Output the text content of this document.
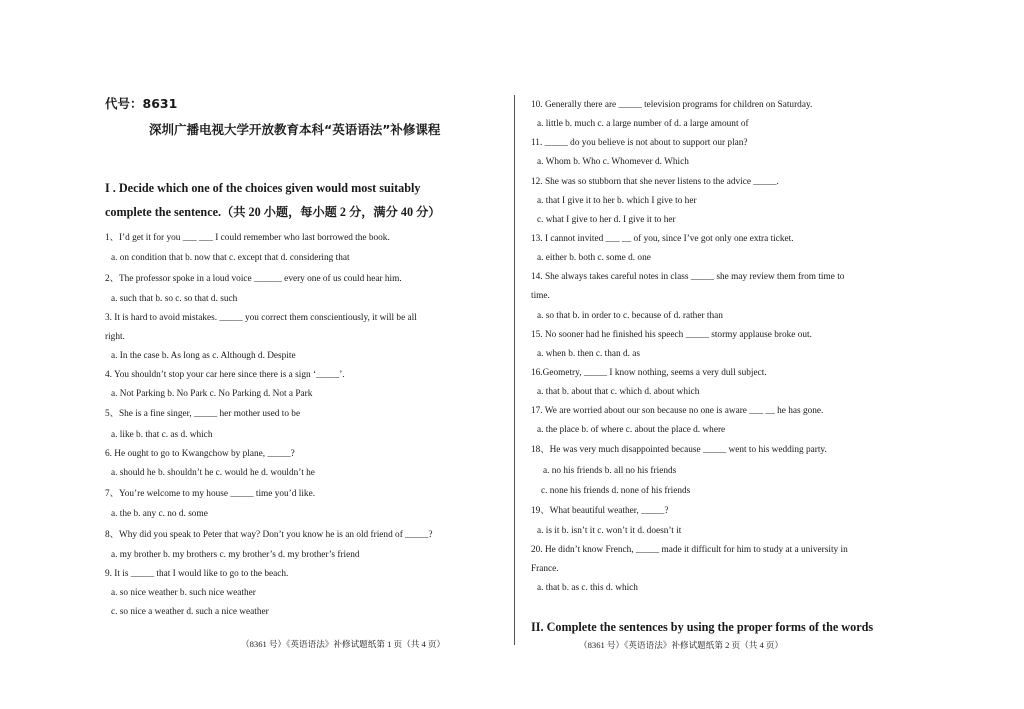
代号：8631
深圳广播电视大学开放教育本科“英语语法”补修课程
I . Decide which one of the choices given would most suitably
complete the sentence.（共 20 小题，每小题 2 分，满分 40 分）
1、I’d get it for you ___ ___ I could remember who last borrowed the book.
a. on condition that b. now that c. except that d. considering that
2、The professor spoke in a loud voice ______ every one of us could hear him.
a. such that b. so c. so that d. such
3. It is hard to avoid mistakes. _____ you correct them conscientiously, it will be all
right.
a. In the case b. As long as c. Although d. Despite
4. You shouldn’t stop your car here since there is a sign ‘_____’.
a. Not Parking b. No Park c. No Parking d. Not a Park
5、She is a fine singer, _____ her mother used to be
a. like b. that c. as d. which
6. He ought to go to Kwangchow by plane, _____?
a. should he b. shouldn’t he c. would he d. wouldn’t he
7、You’re welcome to my house _____ time you’d like.
a. the b. any c. no d. some
8、Why did you speak to Peter that way? Don’t you know he is an old friend of _____?
a. my brother b. my brothers c. my brother’s d. my brother’s friend
9. It is _____ that I would like to go to the beach.
a. so nice weather b. such nice weather
c. so nice a weather d. such a nice weather
（8361 号）《英语语法》补修试题纸第 1 页（共 4 页）
10. Generally there are _____ television programs for children on Saturday.
a. little b. much c. a large number of d. a large amount of
11. _____ do you believe is not about to support our plan?
a. Whom b. Who c. Whomever d. Which
12. She was so stubborn that she never listens to the advice _____.
a. that I give it to her b. which I give to her
c. what I give to her d. I give it to her
13. I cannot invited ___ __ of you, since I’ve got only one extra ticket.
a. either b. both c. some d. one
14. She always takes careful notes in class _____ she may review them from time to
time.
a. so that b. in order to c. because of d. rather than
15. No sooner had he finished his speech _____ stormy applause broke out.
a. when b. then c. than d. as
16.Geometry, _____ I know nothing, seems a very dull subject.
a. that b. about that c. which d. about which
17. We are worried about our son because no one is aware ___ __ he has gone.
a. the place b. of where c. about the place d. where
18、He was very much disappointed because _____ went to his wedding party.
a. no his friends b. all no his friends
c. none his friends d. none of his friends
19、What beautiful weather, _____?
a. is it b. isn’t it c. won’t it d. doesn’t it
20. He didn’t know French, _____ made it difficult for him to study at a university in
France.
a. that b. as c. this d. which
II. Complete the sentences by using the proper forms of the words
（8361 号）《英语语法》补修试题纸第 2 页（共 4 页）
